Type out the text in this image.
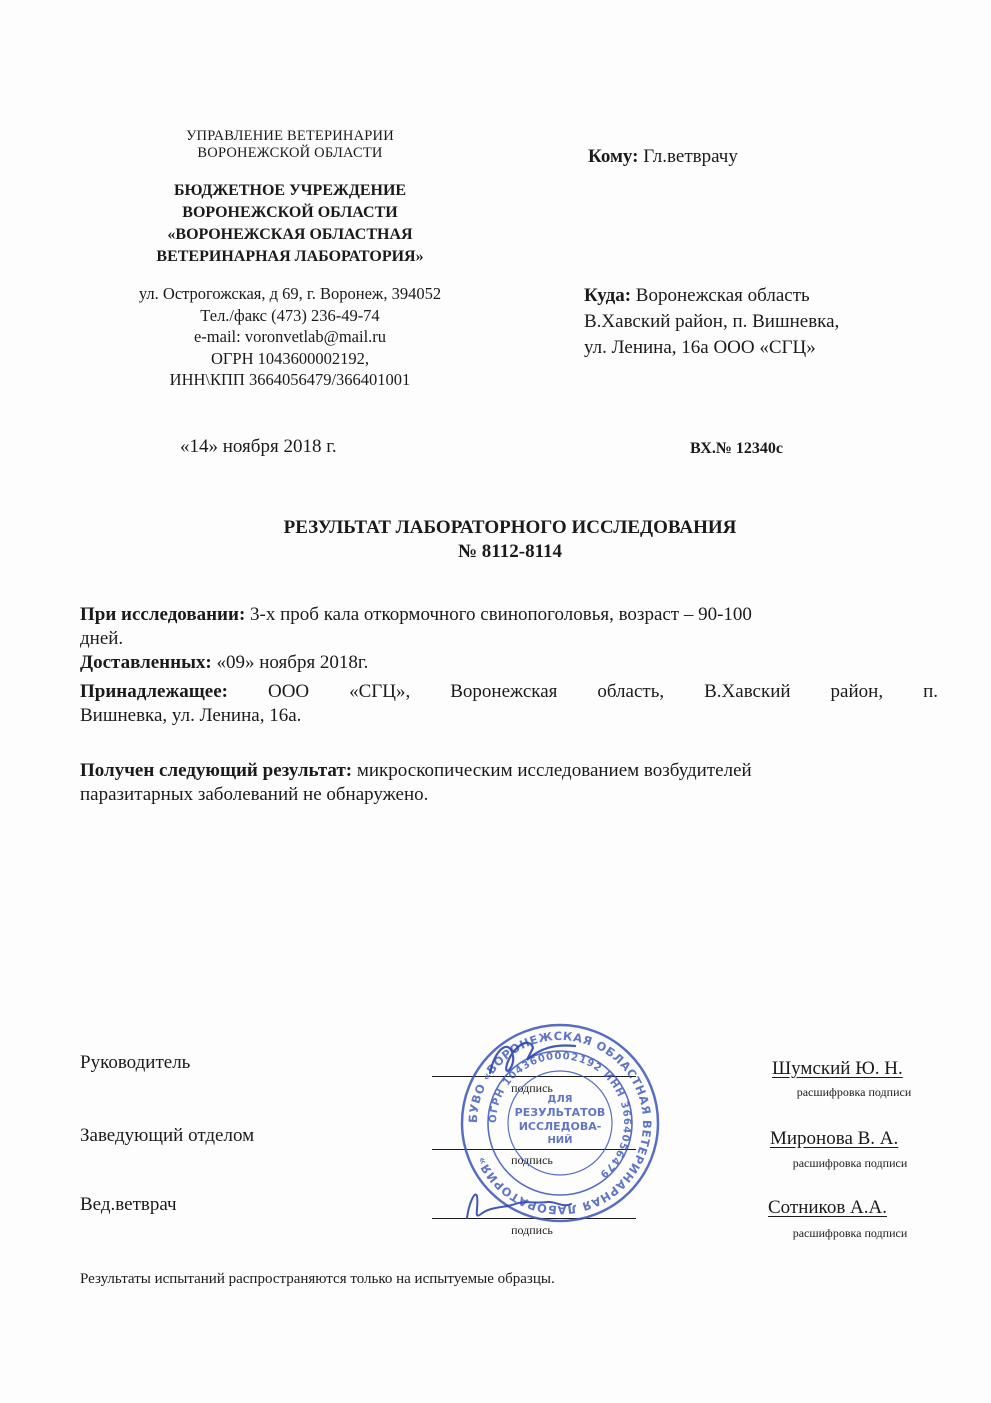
УПРАВЛЕНИЕ ВЕТЕРИНАРИИ
ВОРОНЕЖСКОЙ ОБЛАСТИ
БЮДЖЕТНОЕ УЧРЕЖДЕНИЕ
ВОРОНЕЖСКОЙ ОБЛАСТИ
«ВОРОНЕЖСКАЯ ОБЛАСТНАЯ
ВЕТЕРИНАРНАЯ ЛАБОРАТОРИЯ»
ул. Острогожская, д 69, г. Воронеж, 394052
Тел./факс (473) 236-49-74
e-mail: voronvetlab@mail.ru
ОГРН 1043600002192,
ИНН\КПП 3664056479/366401001
«14» ноября 2018 г.
Кому: Гл.ветврачу
Куда: Воронежская область
В.Хавский район, п. Вишневка,
ул. Ленина, 16а ООО «СГЦ»
ВХ.№ 12340с
РЕЗУЛЬТАТ ЛАБОРАТОРНОГО ИССЛЕДОВАНИЯ
№ 8112-8114
При исследовании: 3-х проб кала откормочного свинопоголовья, возраст – 90-100
дней.
Доставленных: «09» ноября 2018г.
Принадлежащее: ООО «СГЦ», Воронежская область, В.Хавский район, п.
Вишневка, ул. Ленина, 16а.
Получен следующий результат: микроскопическим исследованием возбудителей
паразитарных заболеваний не обнаружено.
Руководитель
подпись
Шумский Ю. Н.
расшифровка подписи
Заведующий отделом
подпись
Миронова В. А.
расшифровка подписи
Вед.ветврач
подпись
Сотников А.А.
расшифровка подписи
БУВО «ВОРОНЕЖСКАЯ ОБЛАСТНАЯ ВЕТЕРИНАРНАЯ ЛАБОРАТОРИЯ»
ОГРН 1043600002192 ИНН 3664056479
ДЛЯ
РЕЗУЛЬТАТОВ
ИССЛЕДОВА-
НИЙ
Результаты испытаний распространяются только на испытуемые образцы.
